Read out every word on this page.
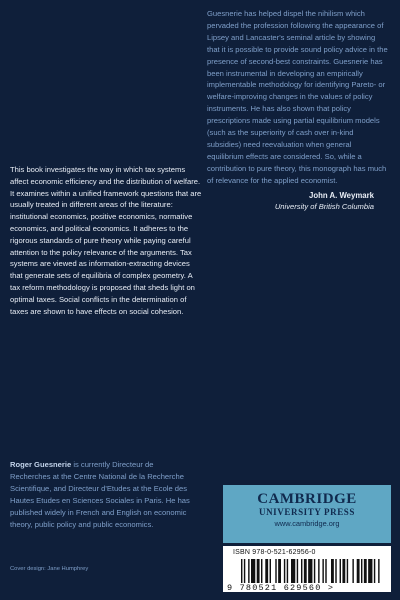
Guesnerie has helped dispel the nihilism which pervaded the profession following the appearance of Lipsey and Lancaster's seminal article by showing that it is possible to provide sound policy advice in the presence of second-best constraints. Guesnerie has been instrumental in developing an empirically implementable methodology for identifying Pareto- or welfare-improving changes in the values of policy instruments. He has also shown that policy prescriptions made using partial equilibrium models (such as the superiority of cash over in-kind subsidies) need reevaluation when general equilibrium effects are considered. So, while a contribution to pure theory, this monograph has much of relevance for the applied economist.

John A. Weymark

University of British Columbia

This book investigates the way in which tax systems affect economic efficiency and the distribution of welfare. It examines within a unified framework questions that are usually treated in different areas of the literature: institutional economics, positive economics, normative economics, and political economics. It adheres to the rigorous standards of pure theory while paying careful attention to the policy relevance of the arguments. Tax systems are viewed as information-extracting devices that generate sets of equilibria of complex geometry. A tax reform methodology is proposed that sheds light on optimal taxes. Social conflicts in the determination of taxes are shown to have effects on social cohesion.

Roger Guesnerie is currently Directeur de Recherches at the Centre National de la Recherche Scientifique, and Directeur d'Etudes at the Ecole des Hautes Etudes en Sciences Sociales in Paris. He has published widely in French and English on economic theory, public policy and public economics.

Cover design: Jane Humphrey

CAMBRIDGE

UNIVERSITY PRESS

www.cambridge.org

ISBN 978-0-521-62956-0

9 780521 629560 >
